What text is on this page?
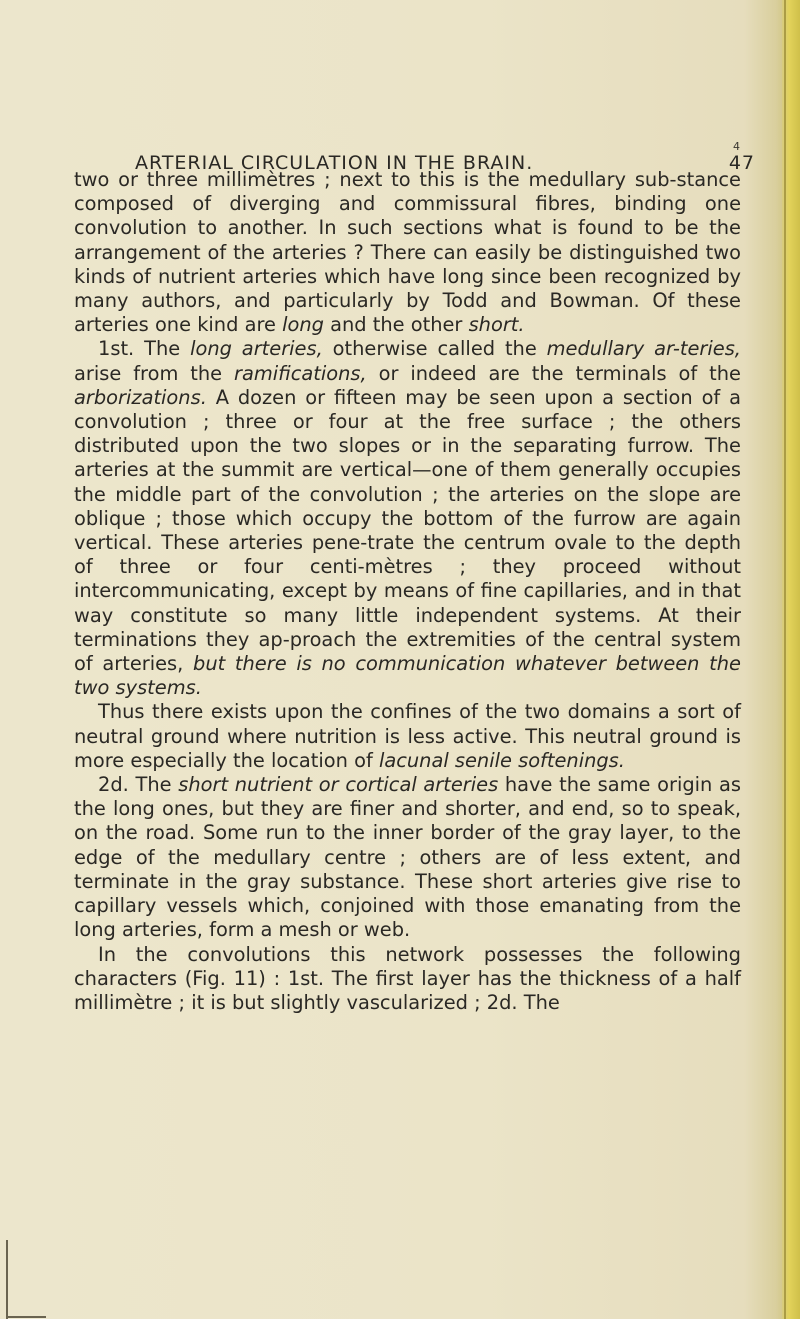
4
ARTERIAL CIRCULATION IN THE BRAIN.	47

two or three millimètres ; next to this is the medullary sub-stance composed of diverging and commissural fibres, binding one convolution to another. In such sections what is found to be the arrangement of the arteries ? There can easily be distinguished two kinds of nutrient arteries which have long since been recognized by many authors, and particularly by Todd and Bowman. Of these arteries one kind are long and the other short.

1st. The long arteries, otherwise called the medullary ar-teries, arise from the ramifications, or indeed are the terminals of the arborizations. A dozen or fifteen may be seen upon a section of a convolution ; three or four at the free surface ; the others distributed upon the two slopes or in the separating furrow. The arteries at the summit are vertical—one of them generally occupies the middle part of the convolution ; the arteries on the slope are oblique ; those which occupy the bottom of the furrow are again vertical. These arteries pene-trate the centrum ovale to the depth of three or four centi-mètres ; they proceed without intercommunicating, except by means of fine capillaries, and in that way constitute so many little independent systems. At their terminations they ap-proach the extremities of the central system of arteries, but there is no communication whatever between the two systems.

Thus there exists upon the confines of the two domains a sort of neutral ground where nutrition is less active. This neutral ground is more especially the location of lacunal senile softenings.

2d. The short nutrient or cortical arteries have the same origin as the long ones, but they are finer and shorter, and end, so to speak, on the road. Some run to the inner border of the gray layer, to the edge of the medullary centre ; others are of less extent, and terminate in the gray substance. These short arteries give rise to capillary vessels which, conjoined with those emanating from the long arteries, form a mesh or web.

In the convolutions this network possesses the following characters (Fig. 11) : 1st. The first layer has the thickness of a half millimètre ; it is but slightly vascularized ; 2d. The
